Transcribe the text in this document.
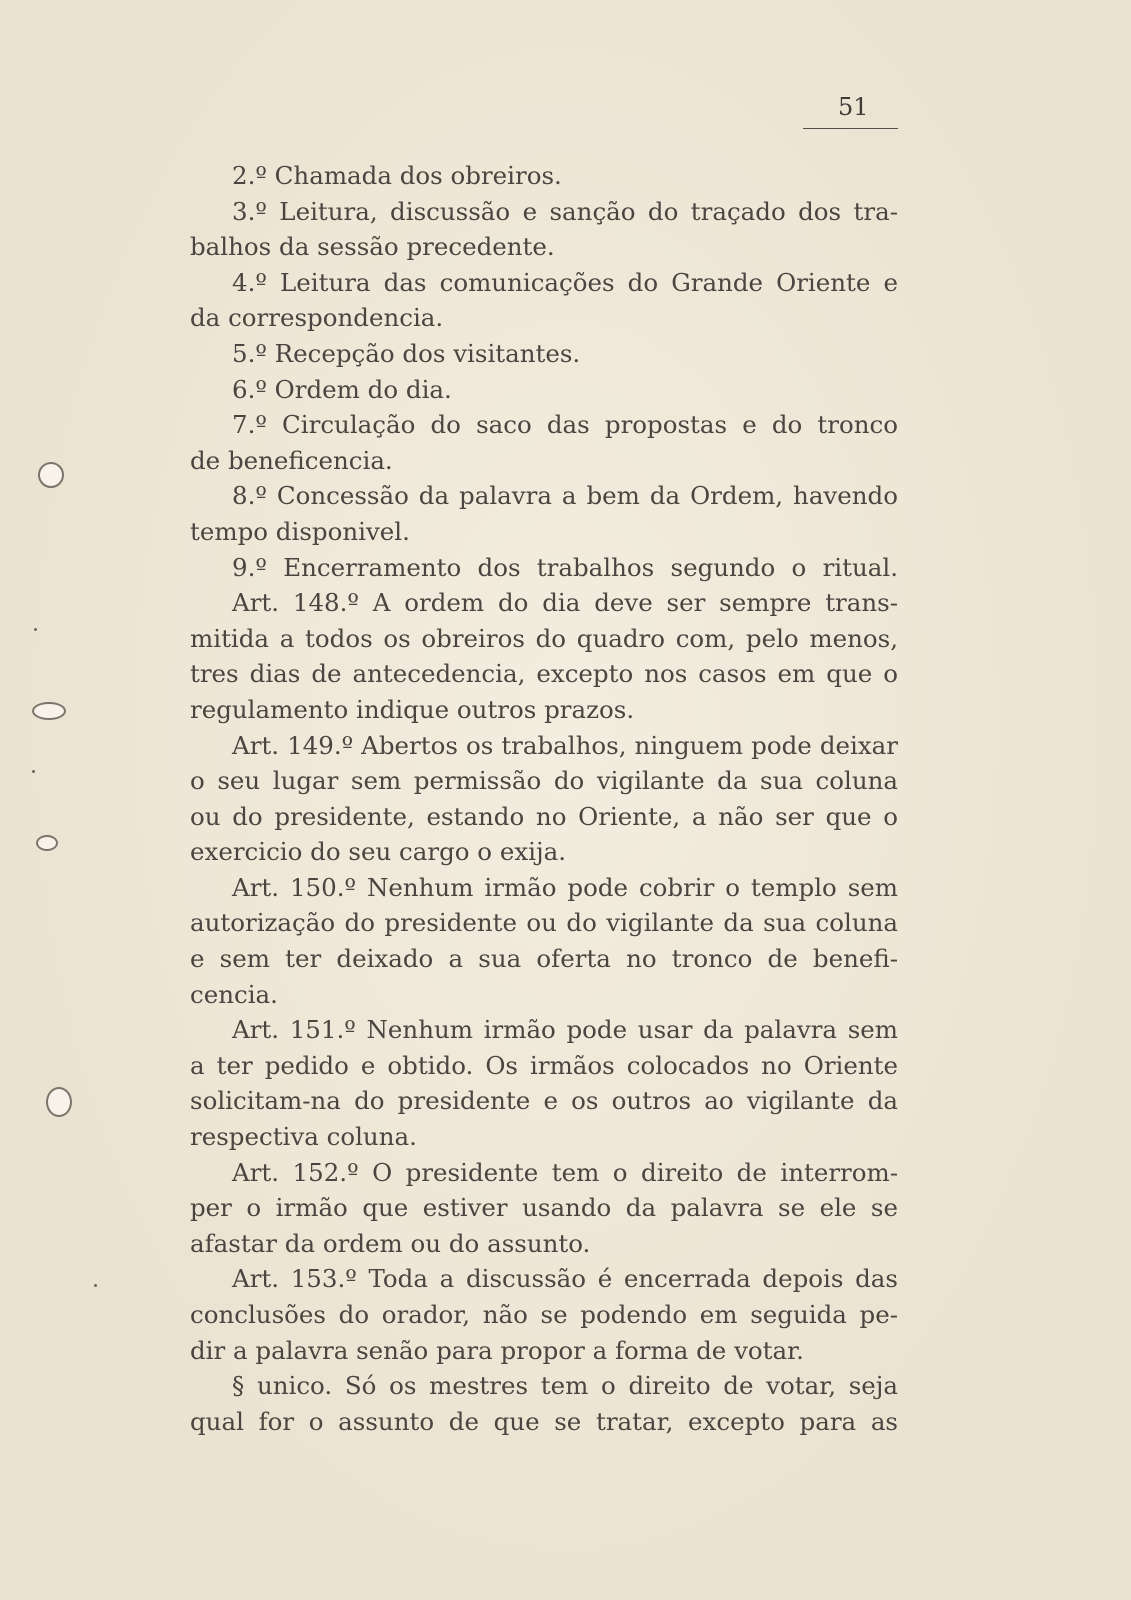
51
2.º Chamada dos obreiros.
3.º Leitura, discussão e sanção do traçado dos tra-
balhos da sessão precedente.
4.º Leitura das comunicações do Grande Oriente e
da correspondencia.
5.º Recepção dos visitantes.
6.º Ordem do dia.
7.º Circulação do saco das propostas e do tronco
de beneficencia.
8.º Concessão da palavra a bem da Ordem, havendo
tempo disponivel.
9.º Encerramento dos trabalhos segundo o ritual.
Art. 148.º A ordem do dia deve ser sempre trans-
mitida a todos os obreiros do quadro com, pelo menos,
tres dias de antecedencia, excepto nos casos em que o
regulamento indique outros prazos.
Art. 149.º Abertos os trabalhos, ninguem pode deixar
o seu lugar sem permissão do vigilante da sua coluna
ou do presidente, estando no Oriente, a não ser que o
exercicio do seu cargo o exija.
Art. 150.º Nenhum irmão pode cobrir o templo sem
autorização do presidente ou do vigilante da sua coluna
e sem ter deixado a sua oferta no tronco de benefi-
cencia.
Art. 151.º Nenhum irmão pode usar da palavra sem
a ter pedido e obtido. Os irmãos colocados no Oriente
solicitam-na do presidente e os outros ao vigilante da
respectiva coluna.
Art. 152.º O presidente tem o direito de interrom-
per o irmão que estiver usando da palavra se ele se
afastar da ordem ou do assunto.
Art. 153.º Toda a discussão é encerrada depois das
conclusões do orador, não se podendo em seguida pe-
dir a palavra senão para propor a forma de votar.
§ unico. Só os mestres tem o direito de votar, seja
qual for o assunto de que se tratar, excepto para as
